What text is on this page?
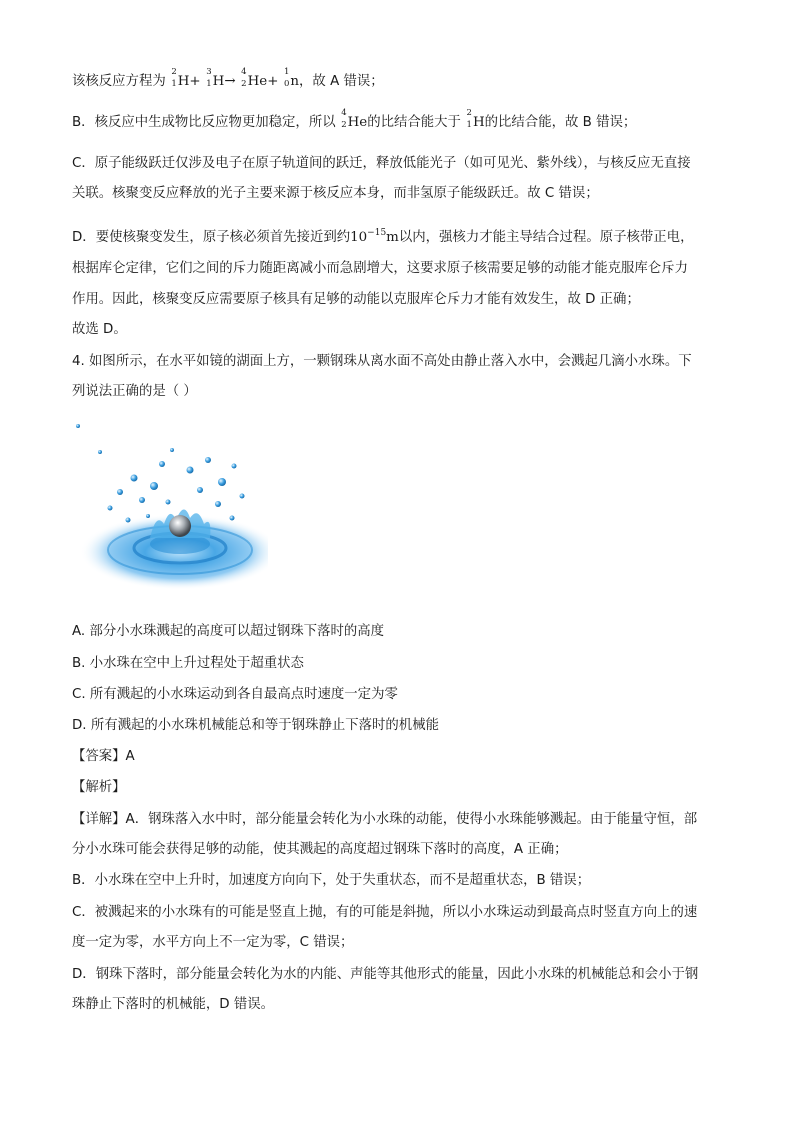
该核反应方程为
2
1 H+
3
1 H→
4
2 He+
1
0 n，故 A 错误；
B．核反应中生成物比反应物更加稳定，所以
4
2 He的比结合能大于
2
1 H的比结合能，故 B 错误；
C．原子能级跃迁仅涉及电子在原子轨道间的跃迁，释放低能光子（如可见光、紫外线），与核反应无直接
关联。核聚变反应释放的光子主要来源于核反应本身，而非氢原子能级跃迁。故 C 错误；
D．要使核聚变发生，原子核必须首先接近到约$10^{-15}m$以内，强核力才能主导结合过程。原子核带正电，
根据库仑定律，它们之间的斥力随距离减小而急剧增大，这要求原子核需要足够的动能才能克服库仑斥力
作用。因此，核聚变反应需要原子核具有足够的动能以克服库仑斥力才能有效发生，故 D 正确；
故选 D。
4. 如图所示，在水平如镜的湖面上方，一颗钢珠从离水面不高处由静止落入水中，会溅起几滴小水珠。下
列说法正确的是（ ）
A. 部分小水珠溅起的高度可以超过钢珠下落时的高度
B. 小水珠在空中上升过程处于超重状态
C. 所有溅起的小水珠运动到各自最高点时速度一定为零
D. 所有溅起的小水珠机械能总和等于钢珠静止下落时的机械能
【答案】A
【解析】
【详解】A．钢珠落入水中时，部分能量会转化为小水珠的动能，使得小水珠能够溅起。由于能量守恒，部
分小水珠可能会获得足够的动能，使其溅起的高度超过钢珠下落时的高度，A 正确；
B．小水珠在空中上升时，加速度方向向下，处于失重状态，而不是超重状态，B 错误；
C．被溅起来的小水珠有的可能是竖直上抛，有的可能是斜抛，所以小水珠运动到最高点时竖直方向上的速
度一定为零，水平方向上不一定为零，C 错误；
D．钢珠下落时，部分能量会转化为水的内能、声能等其他形式的能量，因此小水珠的机械能总和会小于钢
珠静止下落时的机械能，D 错误。
